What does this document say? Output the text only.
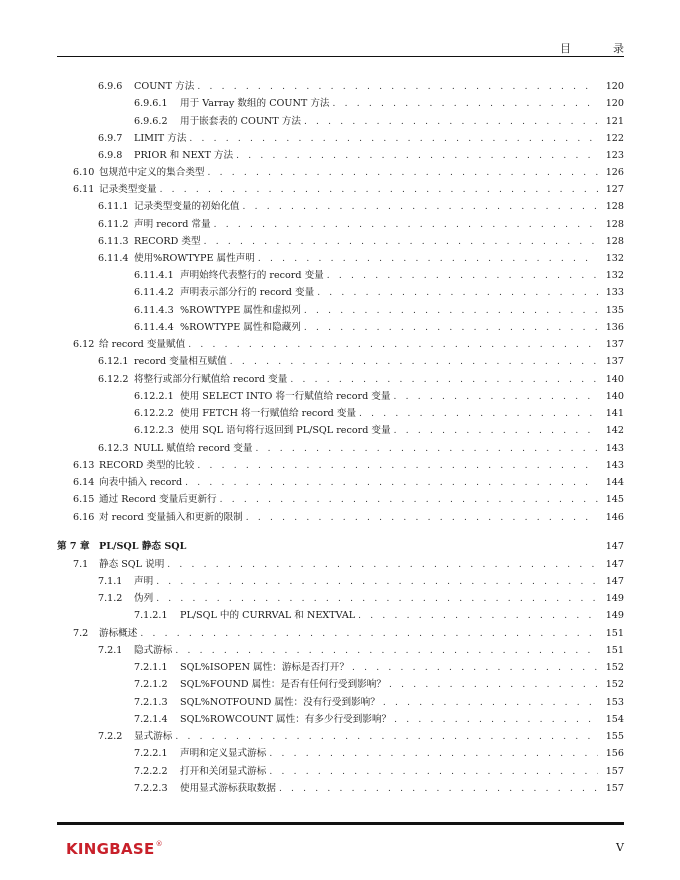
目	录
6.9.6	COUNT 方法 . . .	120
6.9.6.1	用于 Varray 数组的 COUNT 方法 . . .	120
6.9.6.2	用于嵌套表的 COUNT 方法 . . .	121
6.9.7	LIMIT 方法 . . .	122
6.9.8	PRIOR 和 NEXT 方法 . . .	123
6.10 包规范中定义的集合类型 . . .	126
6.11 记录类型变量 . . .	127
6.11.1 记录类型变量的初始化值 . . .	128
6.11.2 声明 record 常量 . . .	128
6.11.3 RECORD 类型 . . .	128
6.11.4 使用%ROWTYPE 属性声明 . . .	132
6.11.4.1 声明始终代表整行的 record 变量 . . .	132
6.11.4.2 声明表示部分行的 record 变量 . . .	133
6.11.4.3 %ROWTYPE 属性和虚拟列 . . .	135
6.11.4.4 %ROWTYPE 属性和隐藏列 . . .	136
6.12 给 record 变量赋值 . . .	137
6.12.1 record 变量相互赋值 . . .	137
6.12.2 将整行或部分行赋值给 record 变量 . . .	140
6.12.2.1 使用 SELECT INTO 将一行赋值给 record 变量 . . .	140
6.12.2.2 使用 FETCH 将一行赋值给 record 变量 . . .	141
6.12.2.3 使用 SQL 语句将行返回到 PL/SQL record 变量 . . .	142
6.12.3 NULL 赋值给 record 变量 . . .	143
6.13 RECORD 类型的比较 . . .	143
6.14 向表中插入 record . . .	144
6.15 通过 Record 变量后更新行 . . .	145
6.16 对 record 变量插入和更新的限制 . . .	146
第 7 章 PL/SQL 静态 SQL	147
7.1	静态 SQL 说明 . . .	147
7.1.1	声明 . . .	147
7.1.2	伪列 . . .	149
7.1.2.1	PL/SQL 中的 CURRVAL 和 NEXTVAL . . .	149
7.2	游标概述 . . .	151
7.2.1	隐式游标 . . .	151
7.2.1.1	SQL%ISOPEN 属性：游标是否打开？ . . .	152
7.2.1.2	SQL%FOUND 属性：是否有任何行受到影响？ . . .	152
7.2.1.3	SQL%NOTFOUND 属性：没有行受到影响？ . . .	153
7.2.1.4	SQL%ROWCOUNT 属性：有多少行受到影响？ . . .	154
7.2.2	显式游标 . . .	155
7.2.2.1	声明和定义显式游标 . . .	156
7.2.2.2	打开和关闭显式游标 . . .	157
7.2.2.3	使用显式游标获取数据 . . .	157
KINGBASE ®	V
